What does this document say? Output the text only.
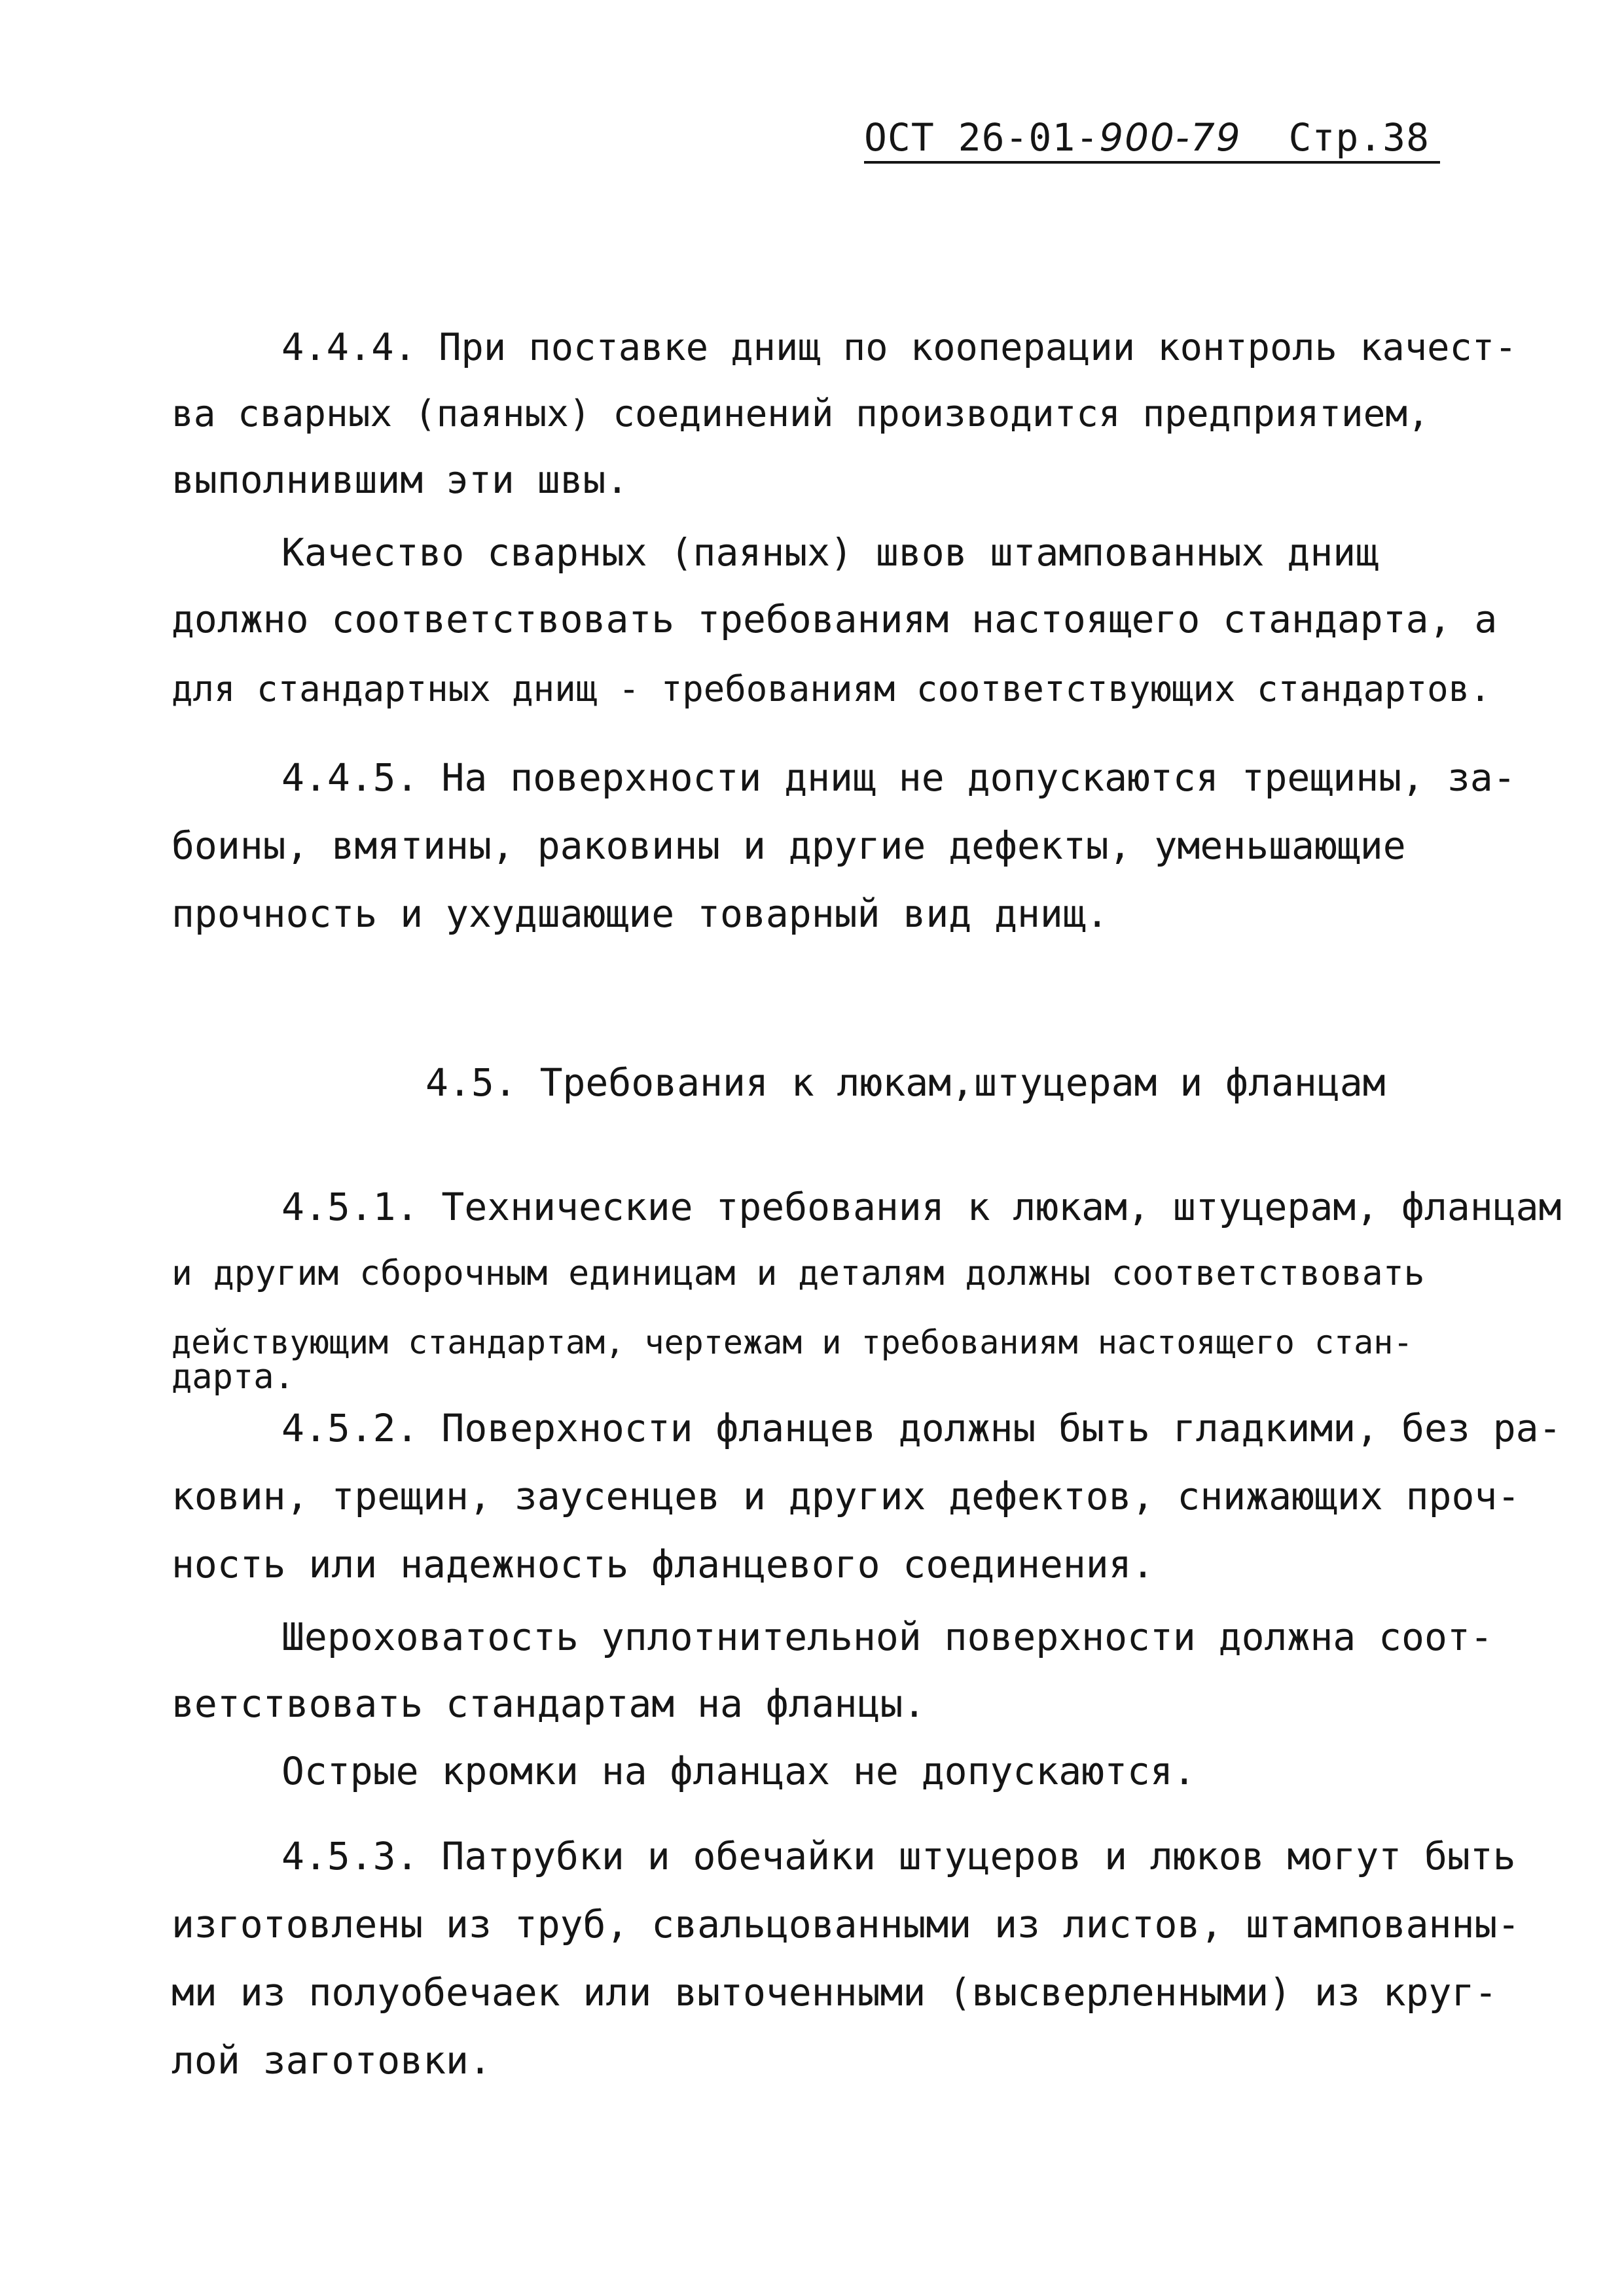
ОСТ 26-01-900-79 Стр.38
4.4.4. При поставке днищ по кооперации контроль качест-
ва сварных (паяных) соединений производится предприятием,
выполнившим эти швы.
Качество сварных (паяных) швов штампованных днищ
должно соответствовать требованиям настоящего стандарта, а
для стандартных днищ - требованиям соответствующих стандартов.
4.4.5. На поверхности днищ не допускаются трещины, за-
боины, вмятины, раковины и другие дефекты, уменьшающие
прочность и ухудшающие товарный вид днищ.
4.5. Требования к люкам,штуцерам и фланцам
4.5.1. Технические требования к люкам, штуцерам, фланцам
и другим сборочным единицам и деталям должны соответствовать
действующим стандартам, чертежам и требованиям настоящего стан-
дарта.
4.5.2. Поверхности фланцев должны быть гладкими, без ра-
ковин, трещин, заусенцев и других дефектов, снижающих проч-
ность или надежность фланцевого соединения.
Шероховатость уплотнительной поверхности должна соот-
ветствовать стандартам на фланцы.
Острые кромки на фланцах не допускаются.
4.5.3. Патрубки и обечайки штуцеров и люков могут быть
изготовлены из труб, свальцованными из листов, штампованны-
ми из полуобечаек или выточенными (высверленными) из круг-
лой заготовки.
